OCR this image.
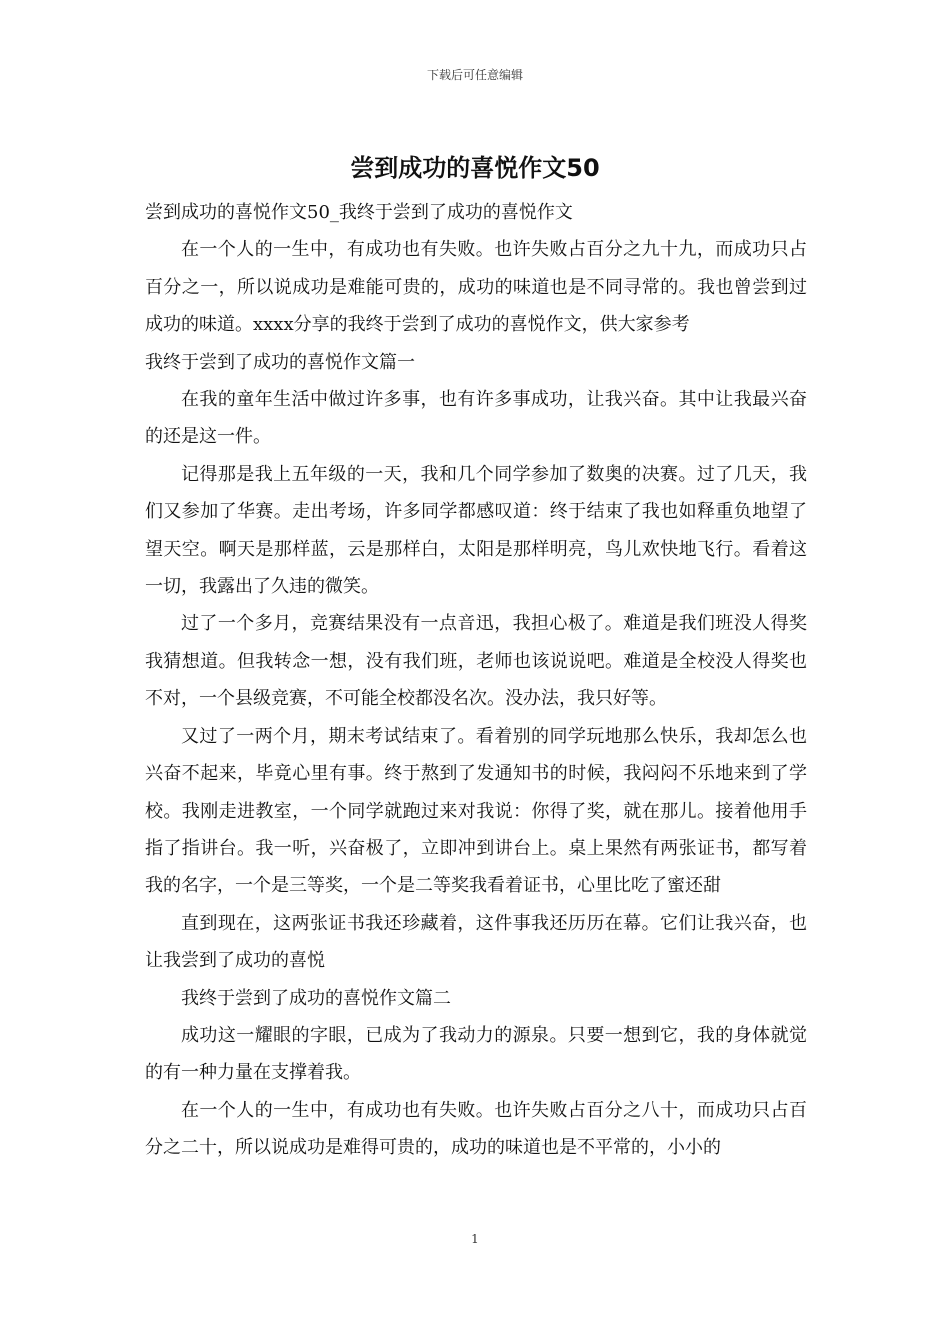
下载后可任意编辑
尝到成功的喜悦作文50

尝到成功的喜悦作文50_我终于尝到了成功的喜悦作文

在一个人的一生中，有成功也有失败。也许失败占百分之九十九，而成功只占百分之一，所以说成功是难能可贵的，成功的味道也是不同寻常的。我也曾尝到过成功的味道。xxxx分享的我终于尝到了成功的喜悦作文，供大家参考

我终于尝到了成功的喜悦作文篇一

在我的童年生活中做过许多事，也有许多事成功，让我兴奋。其中让我最兴奋的还是这一件。

记得那是我上五年级的一天，我和几个同学参加了数奥的决赛。过了几天，我们又参加了华赛。走出考场，许多同学都感叹道：终于结束了我也如释重负地望了望天空。啊天是那样蓝，云是那样白，太阳是那样明亮，鸟儿欢快地飞行。看着这一切，我露出了久违的微笑。

过了一个多月，竞赛结果没有一点音迅，我担心极了。难道是我们班没人得奖我猜想道。但我转念一想，没有我们班，老师也该说说吧。难道是全校没人得奖也不对，一个县级竞赛，不可能全校都没名次。没办法，我只好等。

又过了一两个月，期末考试结束了。看着别的同学玩地那么快乐，我却怎么也兴奋不起来，毕竟心里有事。终于熬到了发通知书的时候，我闷闷不乐地来到了学校。我刚走进教室，一个同学就跑过来对我说：你得了奖，就在那儿。接着他用手指了指讲台。我一听，兴奋极了，立即冲到讲台上。桌上果然有两张证书，都写着我的名字，一个是三等奖，一个是二等奖我看着证书，心里比吃了蜜还甜

直到现在，这两张证书我还珍藏着，这件事我还历历在幕。它们让我兴奋，也让我尝到了成功的喜悦

我终于尝到了成功的喜悦作文篇二

成功这一耀眼的字眼，已成为了我动力的源泉。只要一想到它，我的身体就觉的有一种力量在支撑着我。

在一个人的一生中，有成功也有失败。也许失败占百分之八十，而成功只占百分之二十，所以说成功是难得可贵的，成功的味道也是不平常的，小小的

1
